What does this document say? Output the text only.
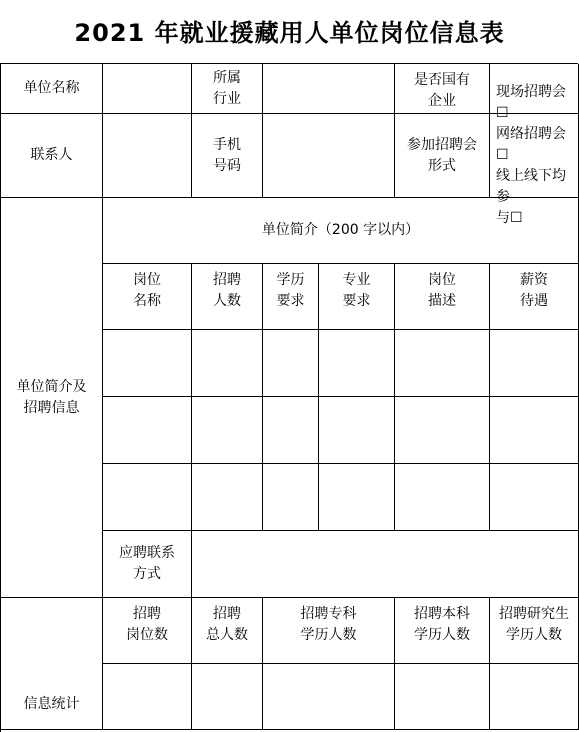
2021 年就业援藏用人单位岗位信息表
单位名称
所属
行业
是否国有
企业
联系人
手机
号码
参加招聘会
形式
现场招聘会☐
网络招聘会☐
线上线下均参
与☐
单位简介及
招聘信息
单位简介（200 字以内）
岗位
名称
招聘
人数
学历
要求
专业
要求
岗位
描述
薪资
待遇
应聘联系
方式
信息统计
招聘
岗位数
招聘
总人数
招聘专科
学历人数
招聘本科
学历人数
招聘研究生
学历人数
